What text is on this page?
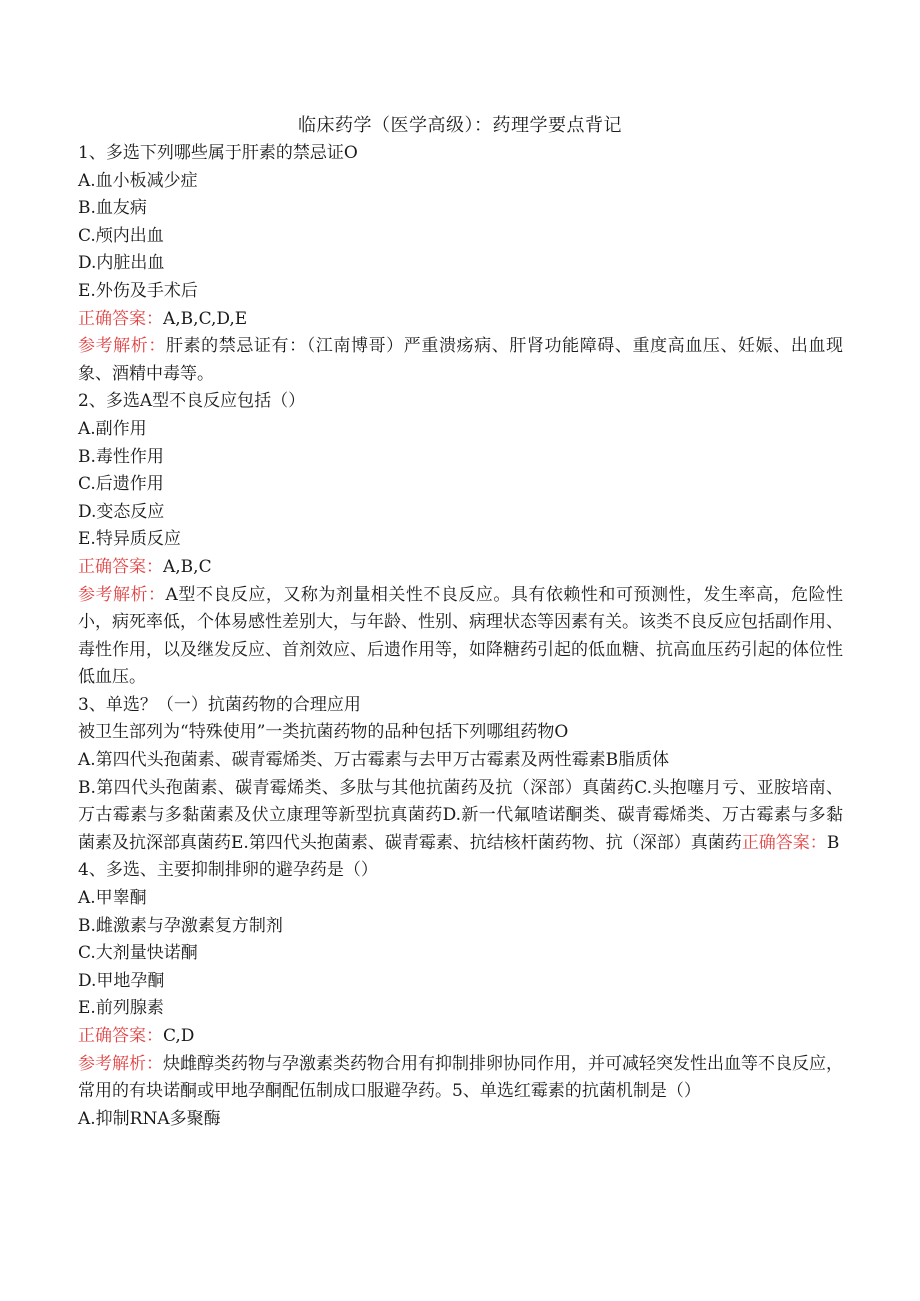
临床药学（医学高级）：药理学要点背记

1、多选下列哪些属于肝素的禁忌证O

A.血小板减少症

B.血友病

C.颅内出血

D.内脏出血

E.外伤及手术后

正确答案：A,B,C,D,E

参考解析：肝素的禁忌证有：（江南博哥）严重溃疡病、肝肾功能障碍、重度高血压、妊娠、出血现象、酒精中毒等。

2、多选A型不良反应包括（）

A.副作用

B.毒性作用

C.后遗作用

D.变态反应

E.特异质反应

正确答案：A,B,C

参考解析：A型不良反应，又称为剂量相关性不良反应。具有依赖性和可预测性，发生率高，危险性小，病死率低，个体易感性差别大，与年龄、性别、病理状态等因素有关。该类不良反应包括副作用、毒性作用，以及继发反应、首剂效应、后遗作用等，如降糖药引起的低血糖、抗高血压药引起的体位性低血压。

3、单选？（一）抗菌药物的合理应用

被卫生部列为“特殊使用”一类抗菌药物的品种包括下列哪组药物O

A.第四代头孢菌素、碳青霉烯类、万古霉素与去甲万古霉素及两性霉素B脂质体

B.第四代头孢菌素、碳青霉烯类、多肽与其他抗菌药及抗（深部）真菌药C.头抱噻月亏、亚胺培南、万古霉素与多黏菌素及伏立康理等新型抗真菌药D.新一代氟喳诺酮类、碳青霉烯类、万古霉素与多黏菌素及抗深部真菌药E.第四代头抱菌素、碳青霉素、抗结核杆菌药物、抗（深部）真菌药正确答案：B

4、多选、主要抑制排卵的避孕药是（）

A.甲睾酮

B.雌激素与孕激素复方制剂

C.大剂量快诺酮

D.甲地孕酮

E.前列腺素

正确答案：C,D

参考解析：炔雌醇类药物与孕激素类药物合用有抑制排卵协同作用，并可减轻突发性出血等不良反应，常用的有块诺酮或甲地孕酮配伍制成口服避孕药。5、单选红霉素的抗菌机制是（）

A.抑制RNA多聚酶
